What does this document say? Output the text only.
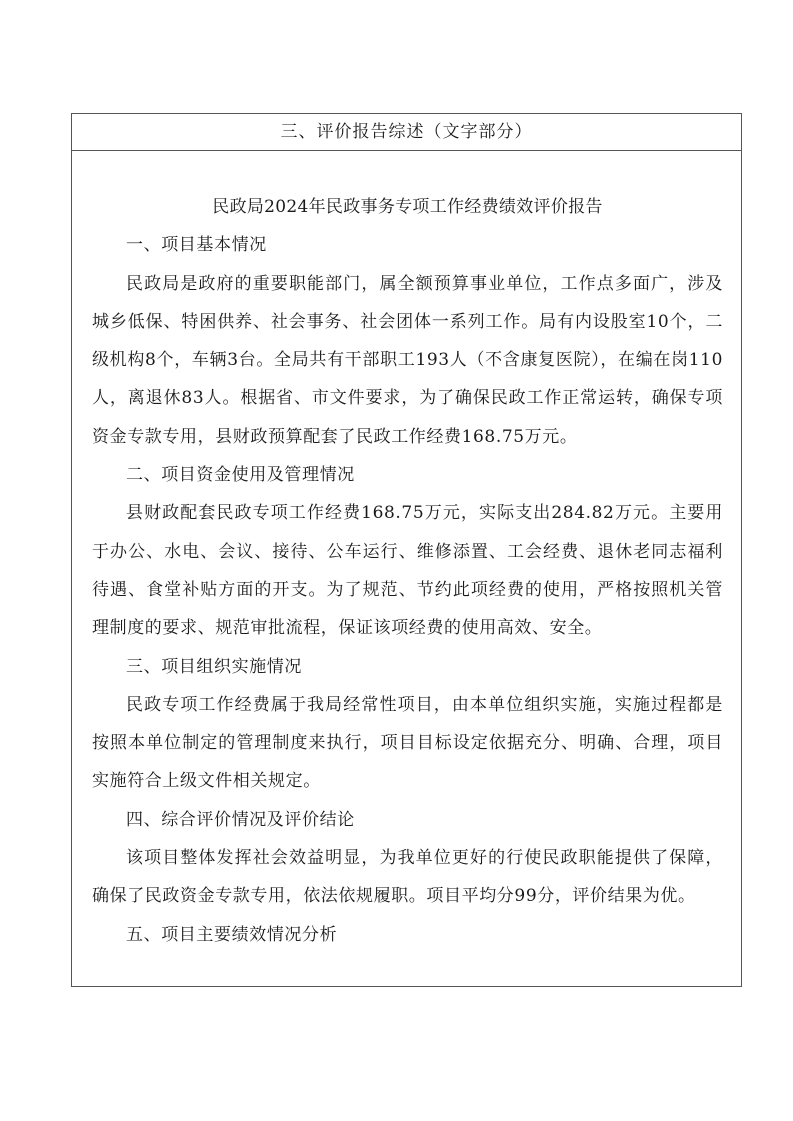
三、评价报告综述（文字部分）

民政局2024年民政事务专项工作经费绩效评价报告

一、项目基本情况

民政局是政府的重要职能部门，属全额预算事业单位，工作点多面广，涉及城乡低保、特困供养、社会事务、社会团体一系列工作。局有内设股室10个，二级机构8个，车辆3台。全局共有干部职工193人（不含康复医院），在编在岗110人，离退休83人。根据省、市文件要求，为了确保民政工作正常运转，确保专项资金专款专用，县财政预算配套了民政工作经费168.75万元。

二、项目资金使用及管理情况

县财政配套民政专项工作经费168.75万元，实际支出284.82万元。主要用于办公、水电、会议、接待、公车运行、维修添置、工会经费、退休老同志福利待遇、食堂补贴方面的开支。为了规范、节约此项经费的使用，严格按照机关管理制度的要求、规范审批流程，保证该项经费的使用高效、安全。

三、项目组织实施情况

民政专项工作经费属于我局经常性项目，由本单位组织实施，实施过程都是按照本单位制定的管理制度来执行，项目目标设定依据充分、明确、合理，项目实施符合上级文件相关规定。

四、综合评价情况及评价结论

该项目整体发挥社会效益明显，为我单位更好的行使民政职能提供了保障，确保了民政资金专款专用，依法依规履职。项目平均分99分，评价结果为优。

五、项目主要绩效情况分析
